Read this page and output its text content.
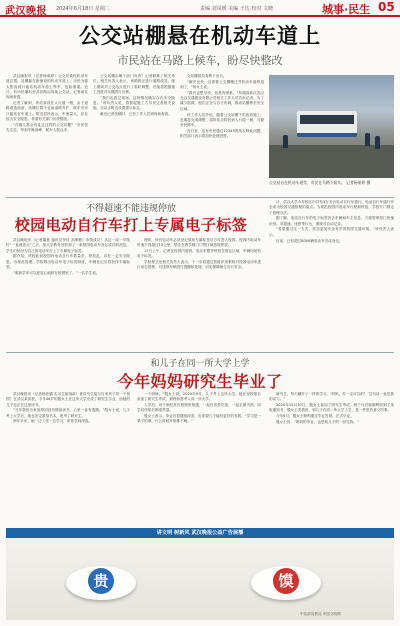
武汉晚报 2024年6月18日 星期二	责编 刘凤媛 美编 王达 校对 文晓	城事·民生 05
公交站棚悬在机动车道上
市民站在马路上候车，盼尽快整改

武汉晚报讯（记者杨茱婷）公交站被侵机动车道位置，站棚悬在新铺设的机动车道上，市民为躲太阳直到只能站机动车道上等车，危险重重。近日，有市民爆料至武昌路沿线某公交站。记者前往现场查看。

记者了解到，该站原设在人行道一侧，由于道路改造拓宽，站棚位置不变而道路外扩，候车市民只能站在车道上。附近居民表示，车流量大，存在较大安全隐患，希望有关部门尽快整改。

“在哪儿都会有乱过这样的公交站棚？”市民张先生说，每到早晚高峰，候车人数众多。

公交站棚由哪个部门负责？记者联系了相关单位。相关负责人表示，该路段正进行道路改造，施工期间对公交站点进行了临时调整，后续将根据施工进度对站棚进行迁移。

“我们也看过现场，这种情况确实存在安全隐患。”该负责人说，将督促施工方尽快完善相关设施，在站点附近设置提示标志。

截至记者发稿时，已有工作人员到现场查看。

交站棚被拉有利于出行。

“解决也快，这需要公交棚搬迁并机动车道移退到了，”杨女士说。

“我们也想尽快，但是有困难。”东湖高新区武汉光谷交通建设有限公司相关工作人员告诉记者，为了减少阻碍，他们正在与各方协调，推动站棚移至安全区域。

该工作人员介绍，随着公交站棚下的改造施工，近期将完成调整，届时站点将回到人行道一侧，方便市民候车。

连日来，也有市民通过12345热线反映此问题，相关部门表示将加快处理进度。

公交站台在机动车道旁，市民在马路下候车。 记者杨茱婷 摄
不得超速不能违规停放
校园电动自行车打上专属电子标签

武汉晚报讯（记者董意 通讯员李佳 高坤敏）申领成功！从这一周一早吨钉“一直就差点”之后，某大学教务处收到了一条校园电动车登记成功的消息，学生们纷纷为自己的电动车打上了专属电子标签。

据介绍，该校此前校园内电动自行车数量多、停放乱，存在一定安全隐患。为规范管理，学校推出电动车电子标签制度，车辆登记后将获得专属标签。

“重新学车可以更放心地停在校园里了。”一名学生说。

理的，所有电动车必须登记领取专属标签后方可进入校园。校园内电动车时速不得超过15公里，禁止在教学楼门口等区域违规停放。

17日上午，记者在校园内看到，电动车整齐停放在指定区域，车辆均贴有电子标签。

学校保卫处相关负责人表示，下一步将通过智能识别系统对校园电动车进行动态管理，对违规车辆进行提醒和处理，切实保障师生出行安全。

计，武汉大学今年校区内共有3万多台电动自行车通行，电动自行车通行安全成为校园交通管理的重点。为规范校园内电动车行驶和停放，学校专门制定了管理办法。

据了解，电动自行车的电子标签内含车辆和车主信息，方便管理部门快速识别。对超速、违停等行为，系统可自动记录。

“希望通过这一方式，营造更加安全有序的校园交通环境。”该负责人表示。

目前，已有超过8000辆电动车完成登记。

和儿子在同一所大学上学
今年妈妈研究生毕业了

武汉晚报讯（记者杨佳璐 实习生崔翊政）谁讲究生能与自家孩子同一个校园？在武汉某高校，今年46岁的殷女士在这所大学完成了研究生学业，而她的儿子也正在这里读书。

“当年我因为家庭原因没有继续读书，心里一直有遗憾。”殷女士说，儿子考上大学后，她也决定重拾书本，报考了研究生。

两年多来，她一边工作一边学习，常常学到深夜。

一个研研。”殷女士说，2020年9月，儿子考上这所大学，她在母校报名参加了研究生考试，最终如愿考入同一所大学。

入学后，母子俩经常在校园里相遇，一起在食堂吃饭，一起去图书馆。同学们得知后都很羡慕。

殷女士表示，毕业后将继续深造，也希望儿子能有更好的发展。“学习是一辈子的事，什么时候开始都不晚。”

研究生，每天翻开了一样的学习，‘妈妈，你一定可以的！’这句话一直是我的动力。”

2020年12月30日，殷女士参加了研究生考试，两个月后她顺利收到了录取通知书。殷女士笑着说，和儿子在同一所大学上学，是一件很有意义的事。

今年6月，殷女士顺利通过毕业答辩，正式毕业。

殷女士说：“妈妈的毕业，也是给儿子的一份礼物。”

讲文明 树新风 武汉晚报公益广告展播
贵	馍
中宣部宣教局 中国文明网
